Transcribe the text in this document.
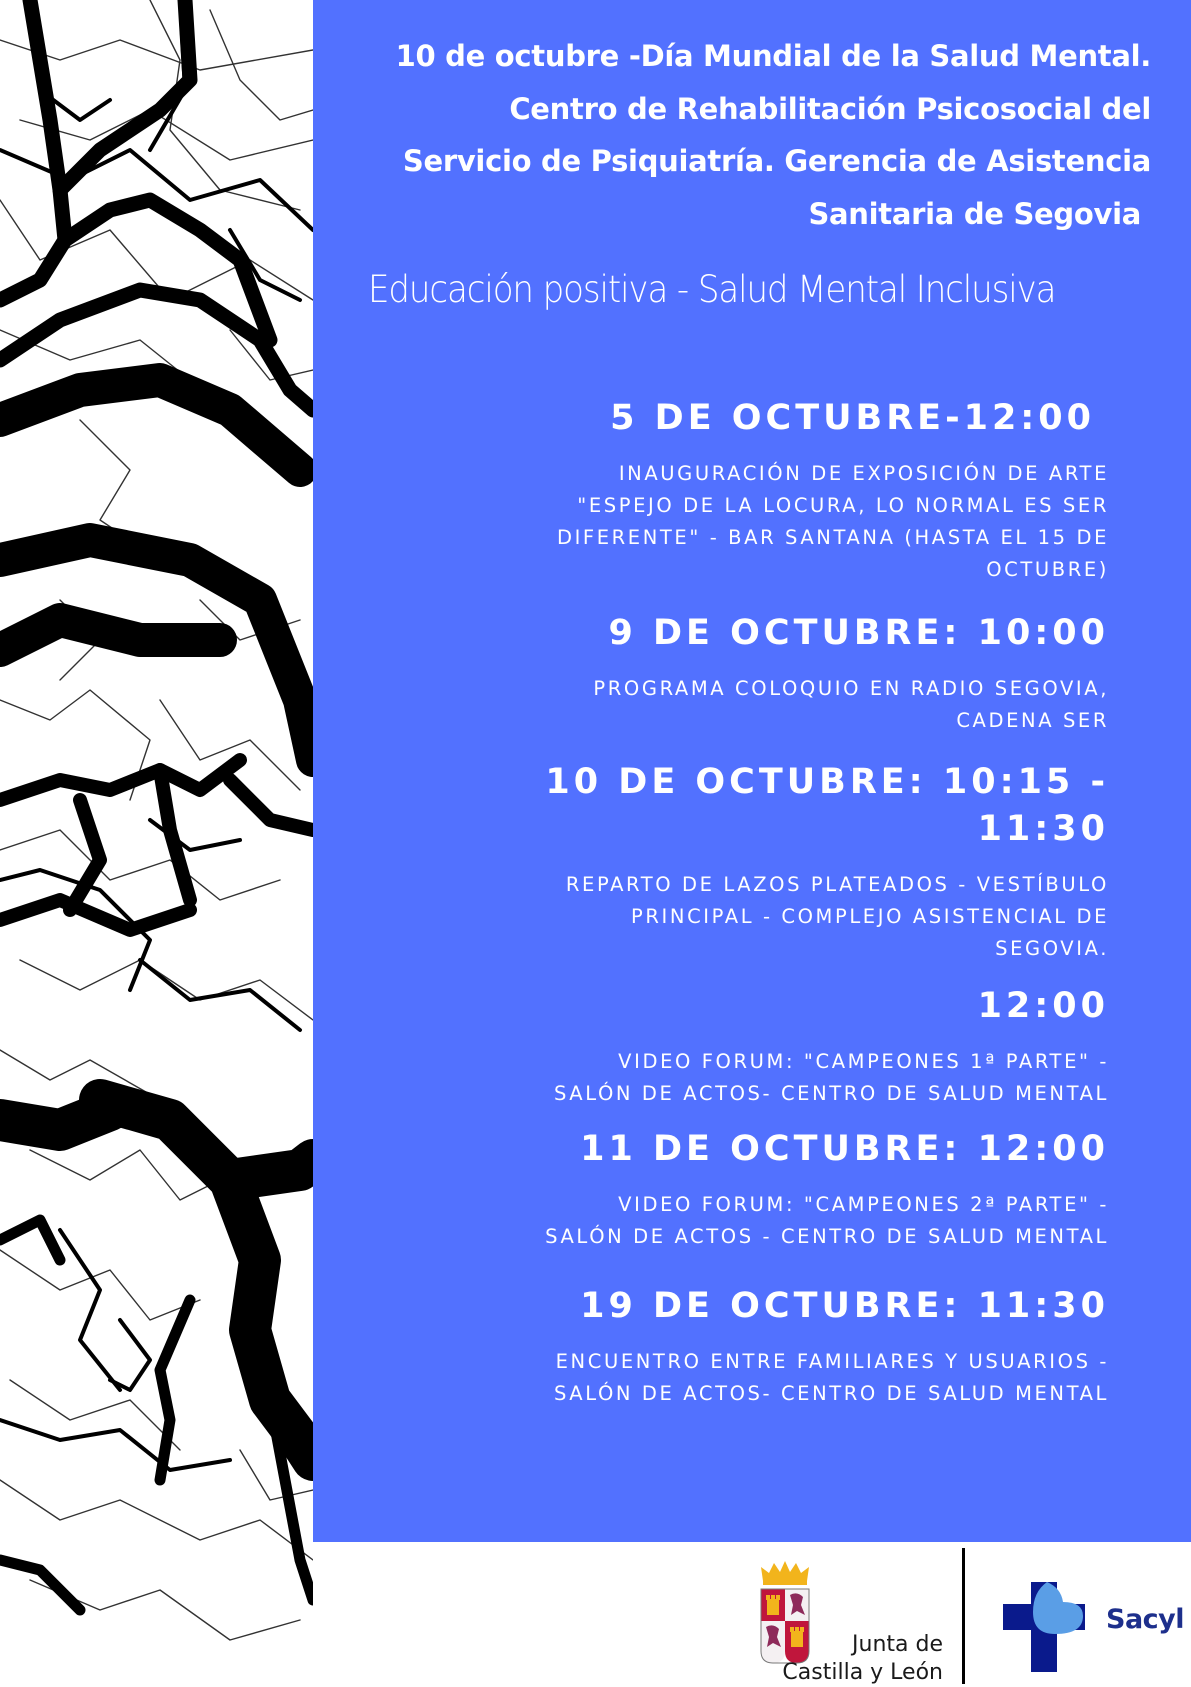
10 de octubre -Día Mundial de la Salud Mental.
Centro de Rehabilitación Psicosocial del
Servicio de Psiquiatría. Gerencia de Asistencia
Sanitaria de Segovia
Educación positiva - Salud Mental Inclusiva
5 DE OCTUBRE-12:00
INAUGURACIÓN DE EXPOSICIÓN DE ARTE
"ESPEJO DE LA LOCURA, LO NORMAL ES SER
DIFERENTE" - BAR SANTANA (HASTA EL 15 DE
OCTUBRE)
9 DE OCTUBRE: 10:00
PROGRAMA COLOQUIO EN RADIO SEGOVIA,
CADENA SER
10 DE OCTUBRE: 10:15 -
11:30
REPARTO DE LAZOS PLATEADOS - VESTÍBULO
PRINCIPAL - COMPLEJO ASISTENCIAL DE
SEGOVIA.
12:00
VIDEO FORUM: "CAMPEONES 1ª PARTE" -
SALÓN DE ACTOS- CENTRO DE SALUD MENTAL
11 DE OCTUBRE: 12:00
VIDEO FORUM: "CAMPEONES 2ª PARTE" -
SALÓN DE ACTOS - CENTRO DE SALUD MENTAL
19 DE OCTUBRE: 11:30
ENCUENTRO ENTRE FAMILIARES Y USUARIOS -
SALÓN DE ACTOS- CENTRO DE SALUD MENTAL
Junta de
Castilla y León
Sacyl
